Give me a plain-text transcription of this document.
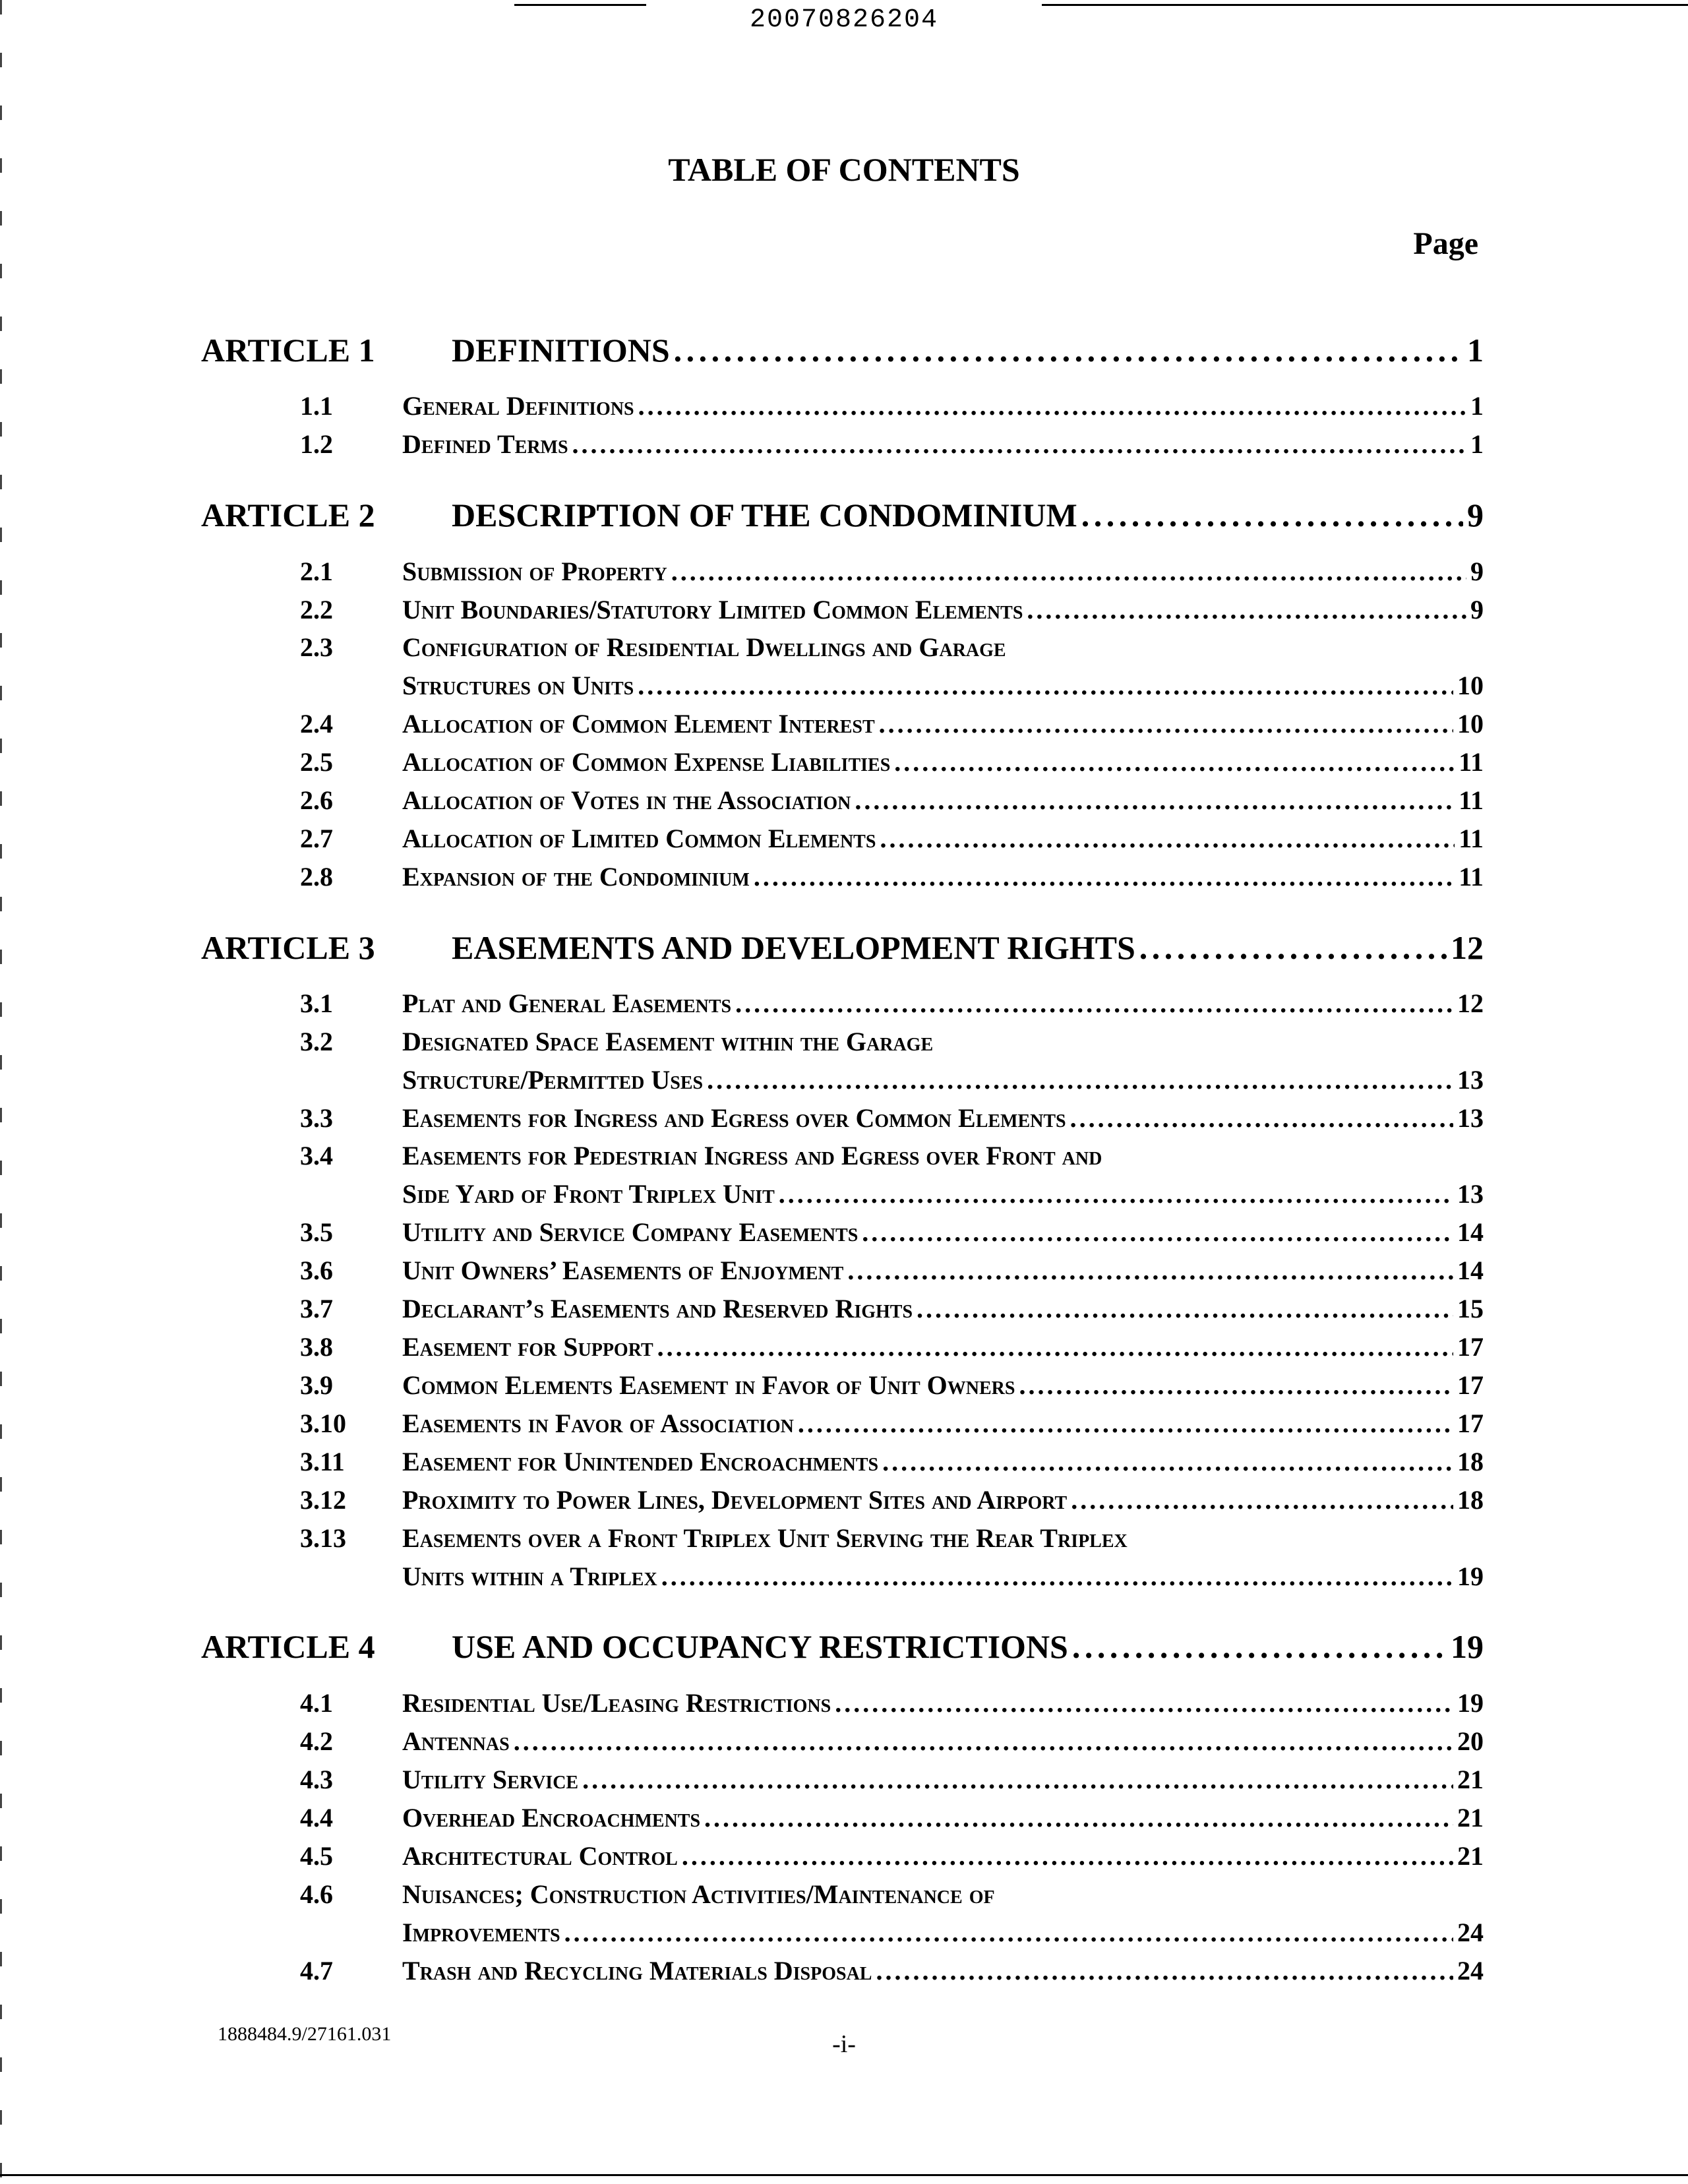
20070826204
TABLE OF CONTENTS
Page
ARTICLE 1	DEFINITIONS . . .	1
1.1	General Definitions . . .	1
1.2	Defined Terms . . .	1
ARTICLE 2	DESCRIPTION OF THE CONDOMINIUM . . .	9
2.1	Submission of Property . . .	9
2.2	Unit Boundaries/Statutory Limited Common Elements . . .	9
2.3	Configuration of Residential Dwellings and Garage
Structures on Units . . .	10
2.4	Allocation of Common Element Interest . . .	10
2.5	Allocation of Common Expense Liabilities . . .	11
2.6	Allocation of Votes in the Association . . .	11
2.7	Allocation of Limited Common Elements . . .	11
2.8	Expansion of the Condominium . . .	11
ARTICLE 3	EASEMENTS AND DEVELOPMENT RIGHTS . . .	12
3.1	Plat and General Easements . . .	12
3.2	Designated Space Easement within the Garage
Structure/Permitted Uses . . .	13
3.3	Easements for Ingress and Egress over Common Elements . . .	13
3.4	Easements for Pedestrian Ingress and Egress over Front and
Side Yard of Front Triplex Unit . . .	13
3.5	Utility and Service Company Easements . . .	14
3.6	Unit Owners’ Easements of Enjoyment . . .	14
3.7	Declarant’s Easements and Reserved Rights . . .	15
3.8	Easement for Support . . .	17
3.9	Common Elements Easement in Favor of Unit Owners . . .	17
3.10	Easements in Favor of Association . . .	17
3.11	Easement for Unintended Encroachments . . .	18
3.12	Proximity to Power Lines, Development Sites and Airport . . .	18
3.13	Easements over a Front Triplex Unit Serving the Rear Triplex
Units within a Triplex . . .	19
ARTICLE 4	USE AND OCCUPANCY RESTRICTIONS . . .	19
4.1	Residential Use/Leasing Restrictions . . .	19
4.2	Antennas . . .	20
4.3	Utility Service . . .	21
4.4	Overhead Encroachments . . .	21
4.5	Architectural Control . . .	21
4.6	Nuisances; Construction Activities/Maintenance of
Improvements . . .	24
4.7	Trash and Recycling Materials Disposal . . .	24
1888484.9/27161.031	-i-
